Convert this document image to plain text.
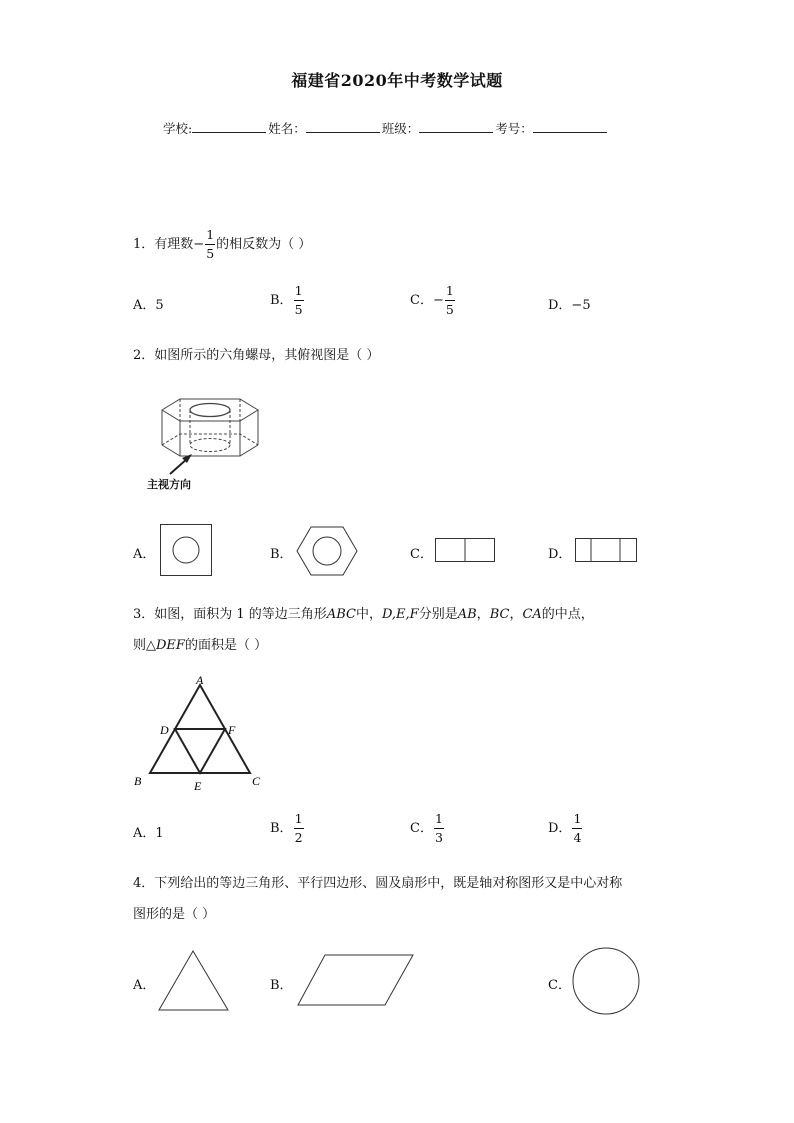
福建省2020年中考数学试题
学校:	姓名：	班级：	考号：
1．有理数− $\frac{1}{5}$ 的相反数为（ ）
A．5	B． $\frac{1}{5}$	C．− $\frac{1}{5}$	D．−5
2．如图所示的六角螺母，其俯视图是（ ）
主视方向
A．	B．	C．	D．
3．如图，面积为 1 的等边三角形ABC中，D,E,F分别是AB，BC，CA的中点，
则△DEF的面积是（ ）
A
D	F
B	E	C
A．1	B． $\frac{1}{2}$	C． $\frac{1}{3}$	D． $\frac{1}{4}$
4．下列给出的等边三角形、平行四边形、圆及扇形中，既是轴对称图形又是中心对称
图形的是（ ）
A．	B．	C．
